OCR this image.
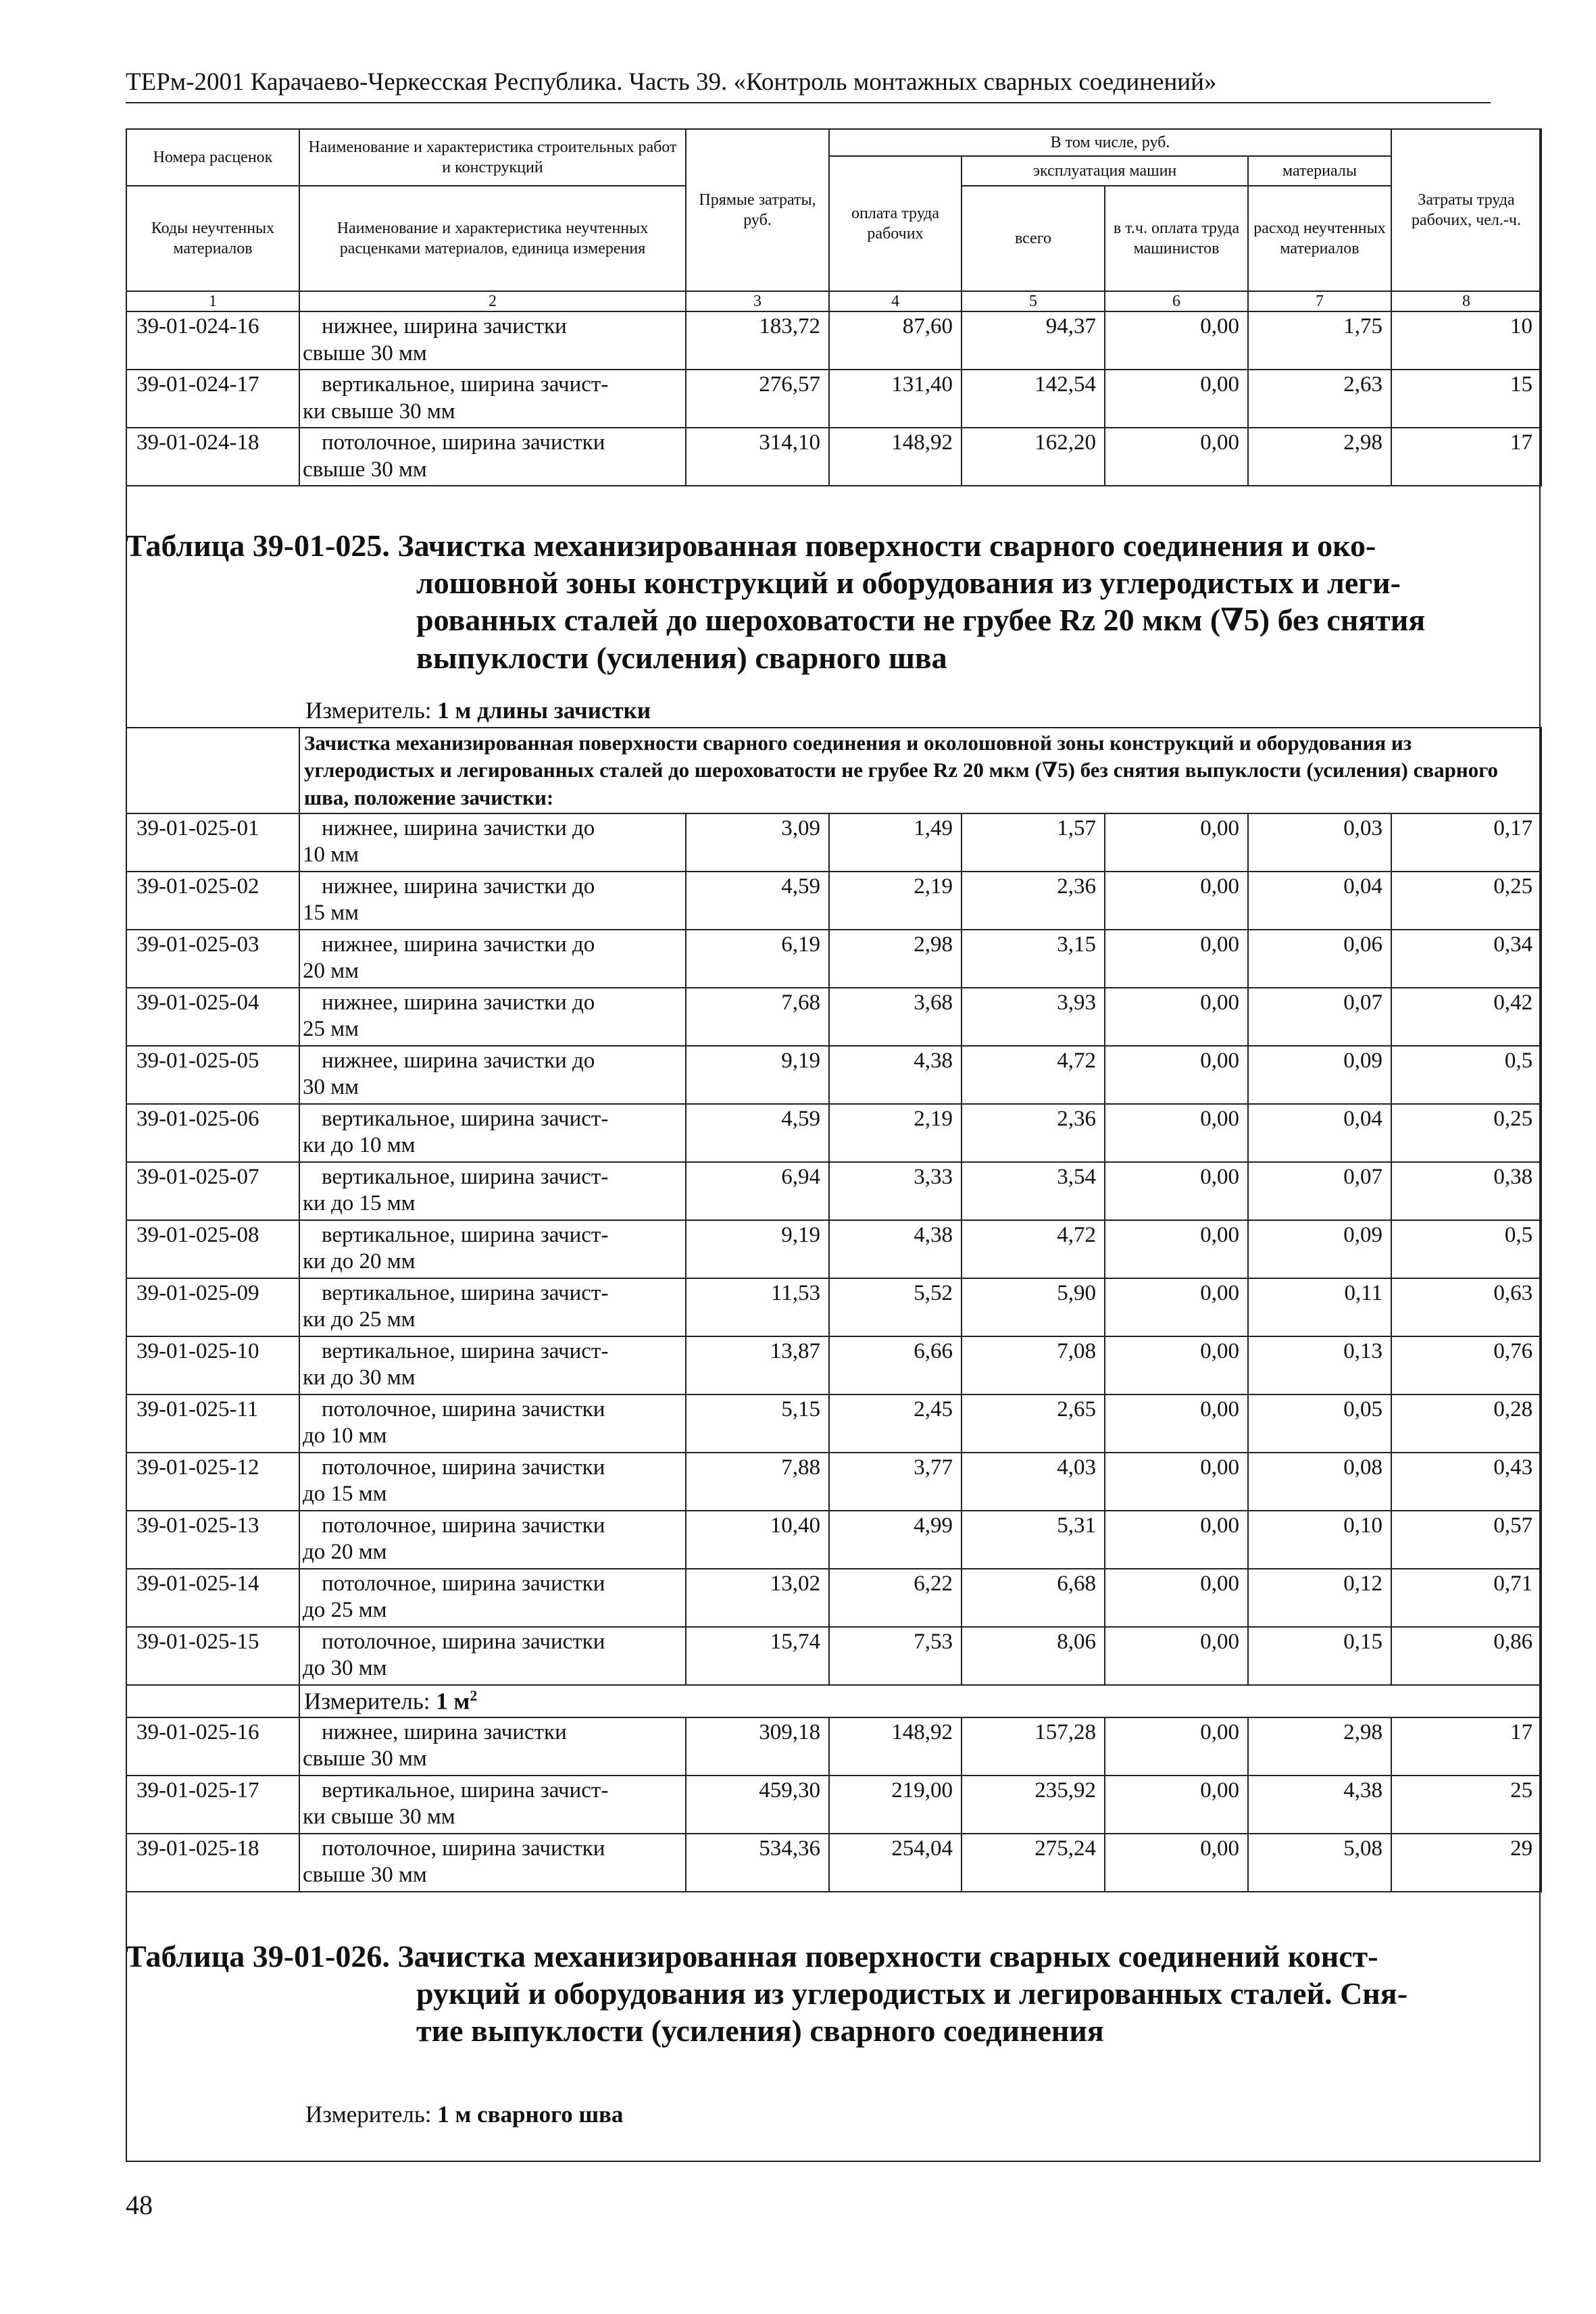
ТЕРм-2001 Карачаево-Черкесская Республика. Часть 39. «Контроль монтажных сварных соединений»
Номера расценок	Наименование и характеристика строительных работ и конструкций	Прямые затраты, руб.	В том числе, руб.				Затраты труда рабочих, чел.-ч.
			оплата труда рабочих	эксплуатация машин		материалы	
Коды неучтенных материалов	Наименование и характеристика неучтенных расценками материалов, единица измерения			всего	в т.ч. оплата труда машинистов	расход неучтенных материалов	

1	2	3	4	5	6	7	8
39-01-024-16	нижнее, ширина зачистки
свыше 30 мм	183,72	87,60	94,37	0,00	1,75	10
39-01-024-17	вертикальное, ширина зачист-
ки свыше 30 мм	276,57	131,40	142,54	0,00	2,63	15
39-01-024-18	потолочное, ширина зачистки
свыше 30 мм	314,10	148,92	162,20	0,00	2,98	17
Таблица 39-01-025. Зачистка механизированная поверхности сварного соединения и око-
лошовной зоны конструкций и оборудования из углеродистых и леги-
рованных сталей до шероховатости не грубее Rz 20 мкм (∇5) без снятия
выпуклости (усиления) сварного шва
Измеритель: 1 м длины зачистки
	Зачистка механизированная поверхности сварного соединения и околошовной зоны конструкций и оборудования из углеродистых и легированных сталей до шероховатости не грубее Rz 20 мкм (∇5) без снятия выпуклости (усиления) сварного шва, положение зачистки:						
39-01-025-01	нижнее, ширина зачистки до
10 мм	3,09	1,49	1,57	0,00	0,03	0,17
39-01-025-02	нижнее, ширина зачистки до
15 мм	4,59	2,19	2,36	0,00	0,04	0,25
39-01-025-03	нижнее, ширина зачистки до
20 мм	6,19	2,98	3,15	0,00	0,06	0,34
39-01-025-04	нижнее, ширина зачистки до
25 мм	7,68	3,68	3,93	0,00	0,07	0,42
39-01-025-05	нижнее, ширина зачистки до
30 мм	9,19	4,38	4,72	0,00	0,09	0,5
39-01-025-06	вертикальное, ширина зачист-
ки до 10 мм	4,59	2,19	2,36	0,00	0,04	0,25
39-01-025-07	вертикальное, ширина зачист-
ки до 15 мм	6,94	3,33	3,54	0,00	0,07	0,38
39-01-025-08	вертикальное, ширина зачист-
ки до 20 мм	9,19	4,38	4,72	0,00	0,09	0,5
39-01-025-09	вертикальное, ширина зачист-
ки до 25 мм	11,53	5,52	5,90	0,00	0,11	0,63
39-01-025-10	вертикальное, ширина зачист-
ки до 30 мм	13,87	6,66	7,08	0,00	0,13	0,76
39-01-025-11	потолочное, ширина зачистки
до 10 мм	5,15	2,45	2,65	0,00	0,05	0,28
39-01-025-12	потолочное, ширина зачистки
до 15 мм	7,88	3,77	4,03	0,00	0,08	0,43
39-01-025-13	потолочное, ширина зачистки
до 20 мм	10,40	4,99	5,31	0,00	0,10	0,57
39-01-025-14	потолочное, ширина зачистки
до 25 мм	13,02	6,22	6,68	0,00	0,12	0,71
39-01-025-15	потолочное, ширина зачистки
до 30 мм	15,74	7,53	8,06	0,00	0,15	0,86
	Измеритель: 1 $м^2$
39-01-025-16	нижнее, ширина зачистки
свыше 30 мм	309,18	148,92	157,28	0,00	2,98	17
39-01-025-17	вертикальное, ширина зачист-
ки свыше 30 мм	459,30	219,00	235,92	0,00	4,38	25
39-01-025-18	потолочное, ширина зачистки
свыше 30 мм	534,36	254,04	275,24	0,00	5,08	29
Таблица 39-01-026. Зачистка механизированная поверхности сварных соединений конст-
рукций и оборудования из углеродистых и легированных сталей. Сня-
тие выпуклости (усиления) сварного соединения
Измеритель: 1 м сварного шва
48
